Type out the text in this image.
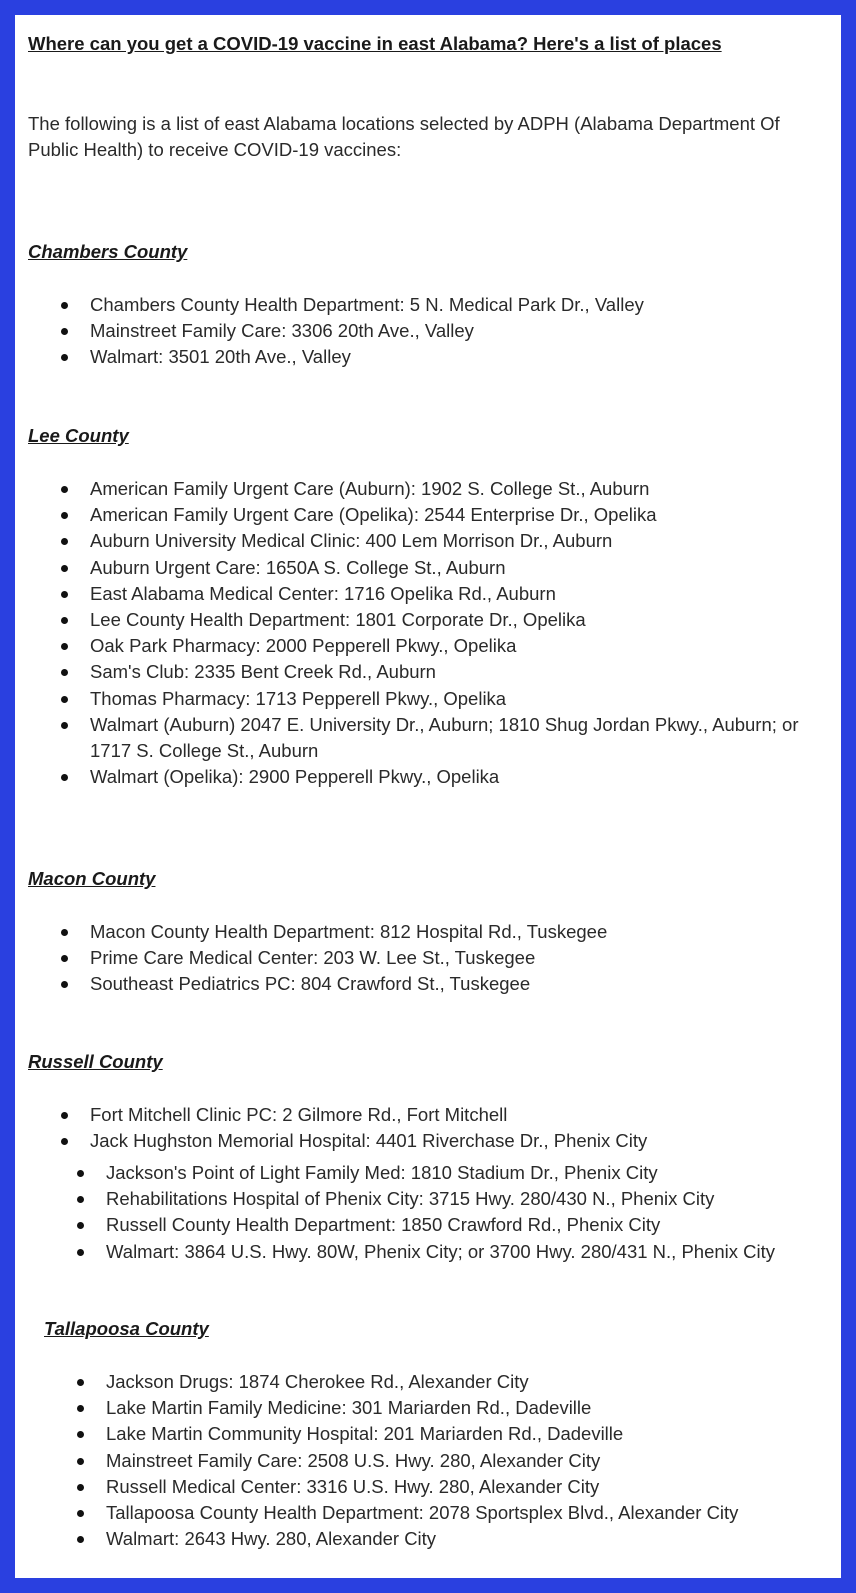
Where can you get a COVID-19 vaccine in east Alabama? Here's a list of places
The following is a list of east Alabama locations selected by ADPH (Alabama Department Of Public Health) to receive COVID-19 vaccines:
Chambers County
Chambers County Health Department: 5 N. Medical Park Dr., Valley
Mainstreet Family Care: 3306 20th Ave., Valley
Walmart: 3501 20th Ave., Valley
Lee County
American Family Urgent Care (Auburn): 1902 S. College St., Auburn
American Family Urgent Care (Opelika): 2544 Enterprise Dr., Opelika
Auburn University Medical Clinic: 400 Lem Morrison Dr., Auburn
Auburn Urgent Care: 1650A S. College St., Auburn
East Alabama Medical Center: 1716 Opelika Rd., Auburn
Lee County Health Department: 1801 Corporate Dr., Opelika
Oak Park Pharmacy: 2000 Pepperell Pkwy., Opelika
Sam's Club: 2335 Bent Creek Rd., Auburn
Thomas Pharmacy: 1713 Pepperell Pkwy., Opelika
Walmart (Auburn) 2047 E. University Dr., Auburn; 1810 Shug Jordan Pkwy., Auburn; or 1717 S. College St., Auburn
Walmart (Opelika): 2900 Pepperell Pkwy., Opelika
Macon County
Macon County Health Department: 812 Hospital Rd., Tuskegee
Prime Care Medical Center: 203 W. Lee St., Tuskegee
Southeast Pediatrics PC: 804 Crawford St., Tuskegee
Russell County
Fort Mitchell Clinic PC: 2 Gilmore Rd., Fort Mitchell
Jack Hughston Memorial Hospital: 4401 Riverchase Dr., Phenix City
Jackson's Point of Light Family Med: 1810 Stadium Dr., Phenix City
Rehabilitations Hospital of Phenix City: 3715 Hwy. 280/430 N., Phenix City
Russell County Health Department: 1850 Crawford Rd., Phenix City
Walmart: 3864 U.S. Hwy. 80W, Phenix City; or 3700 Hwy. 280/431 N., Phenix City
Tallapoosa County
Jackson Drugs: 1874 Cherokee Rd., Alexander City
Lake Martin Family Medicine: 301 Mariarden Rd., Dadeville
Lake Martin Community Hospital: 201 Mariarden Rd., Dadeville
Mainstreet Family Care: 2508 U.S. Hwy. 280, Alexander City
Russell Medical Center: 3316 U.S. Hwy. 280, Alexander City
Tallapoosa County Health Department: 2078 Sportsplex Blvd., Alexander City
Walmart: 2643 Hwy. 280, Alexander City
